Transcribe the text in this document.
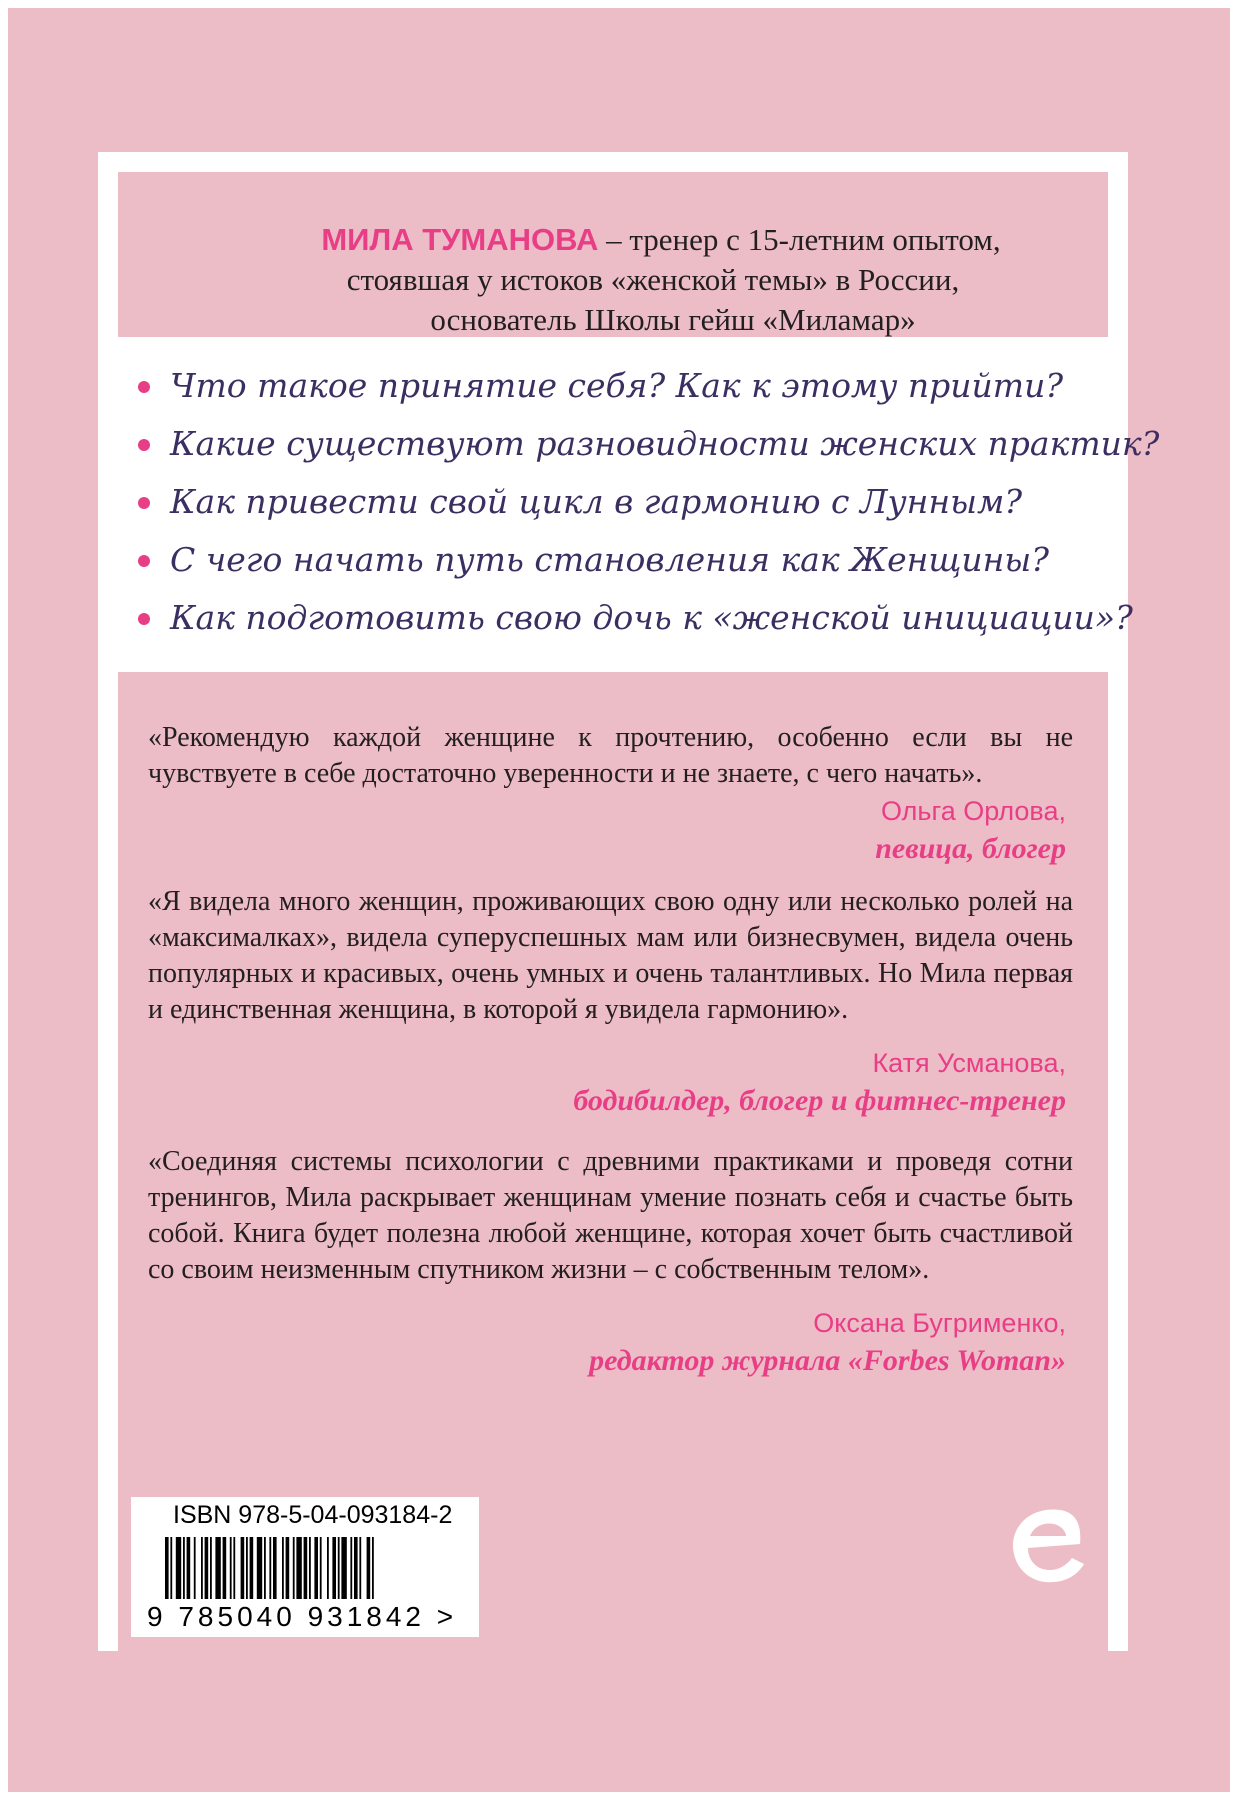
МИЛА ТУМАНОВА – тренер с 15-летним опытом,
стоявшая у истоков «женской темы» в России,
основатель Школы гейш «Миламар»
Что такое принятие себя? Как к этому прийти?
Какие существуют разновидности женских практик?
Как привести свой цикл в гармонию с Лунным?
С чего начать путь становления как Женщины?
Как подготовить свою дочь к «женской инициации»?
«Рекомендую каждой женщине к прочтению, особенно если вы не чувствуете в себе достаточно уверенности и не знаете, с чего начать».
Ольга Орлова,
певица, блогер
«Я видела много женщин, проживающих свою одну или несколько ролей на «максималках», видела суперуспешных мам или бизнесвумен, видела очень популярных и красивых, очень умных и очень талантливых. Но Мила первая и единственная женщина, в которой я увидела гармонию».
Катя Усманова,
бодибилдер, блогер и фитнес-тренер
«Соединяя системы психологии с древними практиками и проведя сотни тренингов, Мила раскрывает женщинам умение познать себя и счастье быть собой. Книга будет полезна любой женщине, которая хочет быть счастливой со своим неизменным спутником жизни – с собственным телом».
Оксана Бугрименко,
редактор журнала «Forbes Woman»
ISBN 978-5-04-093184-2
9 785040 931842 >
